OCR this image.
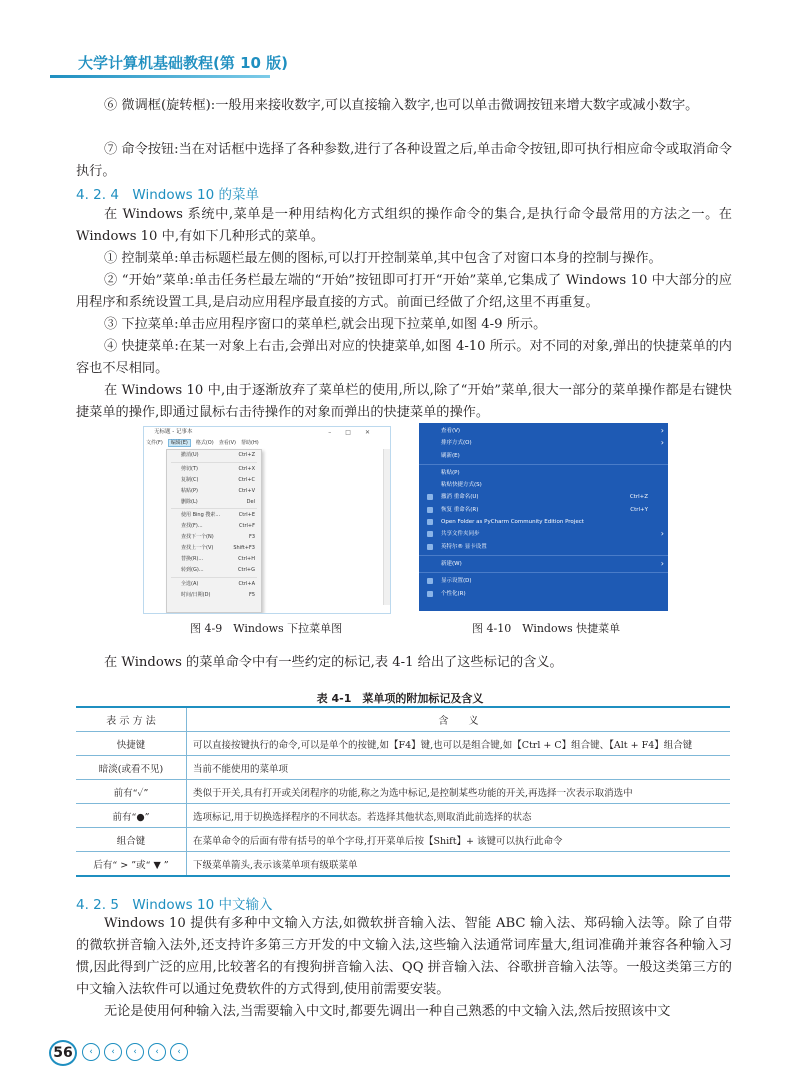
大学计算机基础教程(第 10 版)
⑥ 微调框(旋转框):一般用来接收数字,可以直接输入数字,也可以单击微调按钮来增大数字或减小数字。
⑦ 命令按钮:当在对话框中选择了各种参数,进行了各种设置之后,单击命令按钮,即可执行相应命令或取消命令执行。
4. 2. 4　Windows 10 的菜单
在 Windows 系统中,菜单是一种用结构化方式组织的操作命令的集合,是执行命令最常用的方法之一。在 Windows 10 中,有如下几种形式的菜单。
① 控制菜单:单击标题栏最左侧的图标,可以打开控制菜单,其中包含了对窗口本身的控制与操作。
② “开始”菜单:单击任务栏最左端的“开始”按钮即可打开“开始”菜单,它集成了 Windows 10 中大部分的应用程序和系统设置工具,是启动应用程序最直接的方式。前面已经做了介绍,这里不再重复。
③ 下拉菜单:单击应用程序窗口的菜单栏,就会出现下拉菜单,如图 4-9 所示。
④ 快捷菜单:在某一对象上右击,会弹出对应的快捷菜单,如图 4-10 所示。对不同的对象,弹出的快捷菜单的内容也不尽相同。
在 Windows 10 中,由于逐渐放弃了菜单栏的使用,所以,除了“开始”菜单,很大一部分的菜单操作都是右键快捷菜单的操作,即通过鼠标右击待操作的对象而弹出的快捷菜单的操作。
无标题 - 记事本	–□✕
文件(F) 编辑(E) 格式(O) 查看(V) 帮助(H)
撤消(U)	Ctrl+Z
剪切(T)	Ctrl+X
复制(C)	Ctrl+C
粘贴(P)	Ctrl+V
删除(L)	Del
使用 Bing 搜索...	Ctrl+E
查找(F)...	Ctrl+F
查找下一个(N)	F3
查找上一个(V)	Shift+F3
替换(R)...	Ctrl+H
转到(G)...	Ctrl+G
全选(A)	Ctrl+A
时间/日期(D)	F5
图 4-9　Windows 下拉菜单图
查看(V)	›
排序方式(O)	›
刷新(E)
粘贴(P)
粘贴快捷方式(S)
撤消 重命名(U)	Ctrl+Z
恢复 重命名(R)	Ctrl+Y
Open Folder as PyCharm Community Edition Project
共享文件夹同步	›
英特尔® 显卡设置
新建(W)	›
显示设置(D)
个性化(R)
图 4-10　Windows 快捷菜单
在 Windows 的菜单命令中有一些约定的标记,表 4-1 给出了这些标记的含义。
表 4-1　菜单项的附加标记及含义
表 示 方 法	含　　义
快捷键	可以直接按键执行的命令,可以是单个的按键,如【F4】键,也可以是组合键,如【Ctrl + C】组合键、【Alt + F4】组合键
暗淡(或看不见)	当前不能使用的菜单项
前有“✓”	类似于开关,具有打开或关闭程序的功能,称之为选中标记,是控制某些功能的开关,再选择一次表示取消选中
前有“●”	选项标记,用于切换选择程序的不同状态。若选择其他状态,则取消此前选择的状态
组合键	在菜单命令的后面有带有括号的单个字母,打开菜单后按【Shift】+ 该键可以执行此命令
后有“ > ”或“ ▼ ”	下级菜单箭头,表示该菜单项有级联菜单
4. 2. 5　Windows 10 中文输入
Windows 10 提供有多种中文输入方法,如微软拼音输入法、智能 ABC 输入法、郑码输入法等。除了自带的微软拼音输入法外,还支持许多第三方开发的中文输入法,这些输入法通常词库量大,组词准确并兼容各种输入习惯,因此得到广泛的应用,比较著名的有搜狗拼音输入法、QQ 拼音输入法、谷歌拼音输入法等。一般这类第三方的中文输入法软件可以通过免费软件的方式得到,使用前需要安装。
无论是使用何种输入法,当需要输入中文时,都要先调出一种自己熟悉的中文输入法,然后按照该中文
56	‹	‹	‹	‹	‹
